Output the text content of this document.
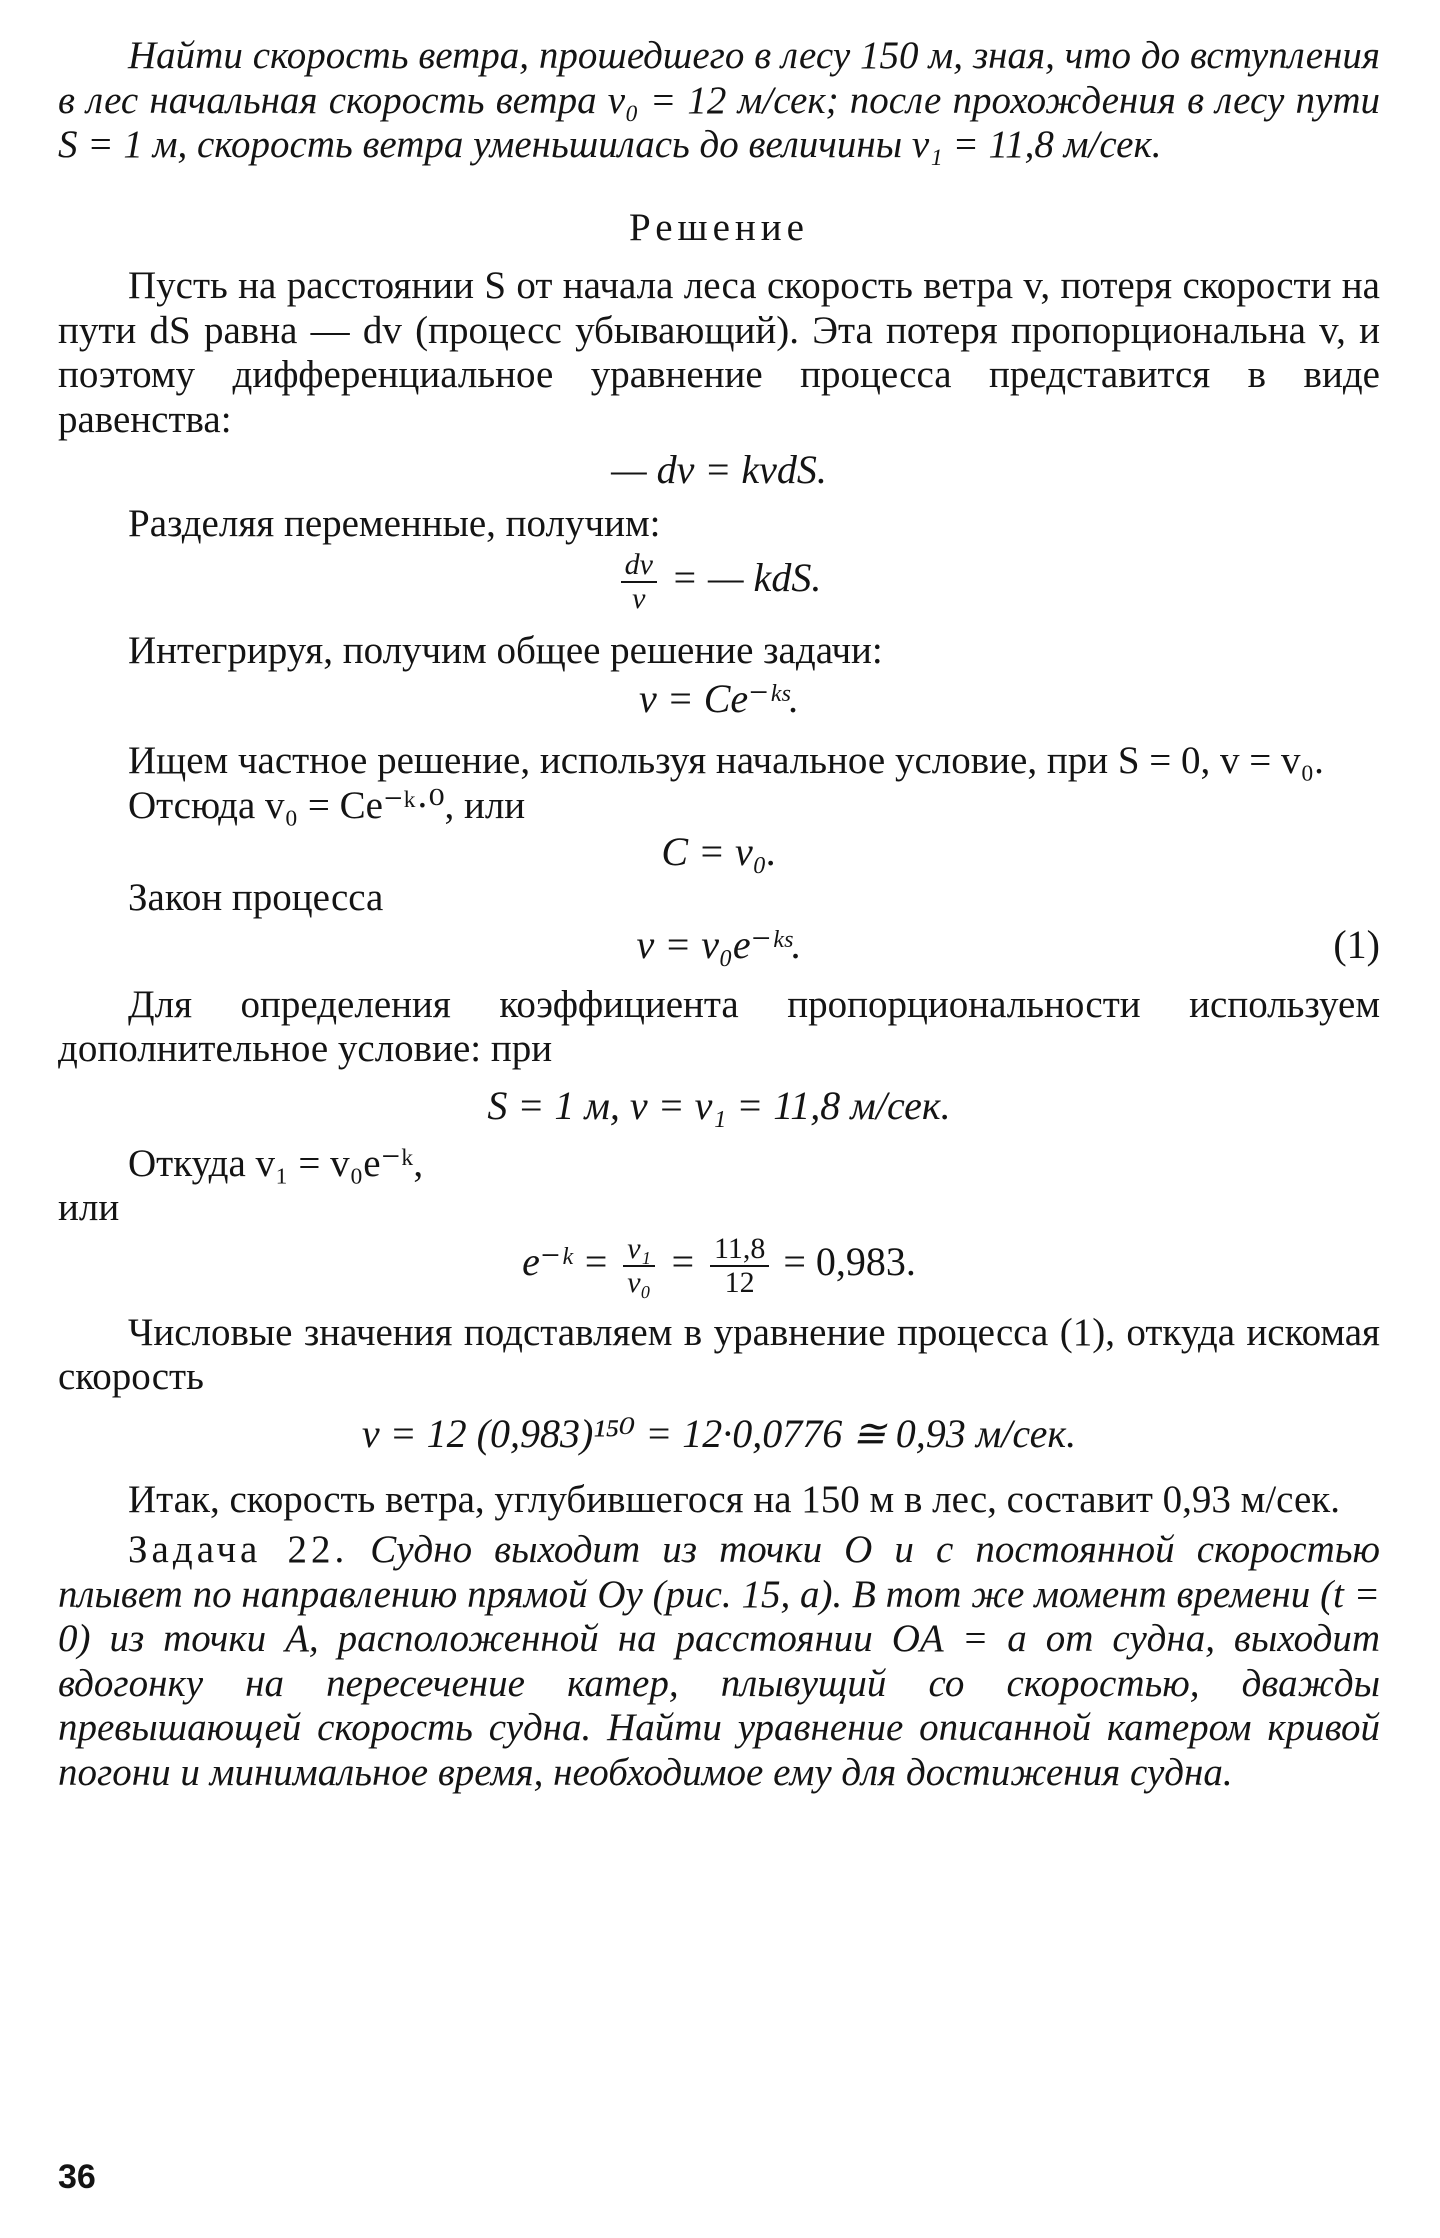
Найти скорость ветра, прошедшего в лесу 150 м, зная, что до вступления в лес начальная скорость ветра v₀ = 12 м/сек; после прохождения в лесу пути S = 1 м, скорость ветра уменьшилась до величины v₁ = 11,8 м/сек.

Решение

Пусть на расстоянии S от начала леса скорость ветра v, потеря скорости на пути dS равна — dv (процесс убывающий). Эта потеря пропорциональна v, и поэтому дифференциальное уравнение процесса представится в виде равенства:

— dv = kvdS.

Разделяя переменные, получим:

$\frac{dv}{v}$ = — kdS.

Интегрируя, получим общее решение задачи:

v = Ce⁻ᵏˢ.

Ищем частное решение, используя начальное условие, при S = 0, v = v₀.

Отсюда v₀ = Ce⁻ᵏ·⁰, или

C = v₀.

Закон процесса

v = v₀e⁻ᵏˢ.	(1)

Для определения коэффициента пропорциональности используем дополнительное условие: при

S = 1 м, v = v₁ = 11,8 м/сек.

Откуда v₁ = v₀e⁻ᵏ,

или

e⁻ᵏ = $\frac{\text{v₁}}{\text{v₀}} = \frac{11,8}{12} = 0,983$.

Числовые значения подставляем в уравнение процесса (1), откуда искомая скорость

v = 12 (0,983)¹⁵⁰ = 12·0,0776 ≅ 0,93 м/сек.

Итак, скорость ветра, углубившегося на 150 м в лес, составит 0,93 м/сек.

Задача 22. Судно выходит из точки O и с постоянной скоростью плывет по направлению прямой Oy (рис. 15, a). В тот же момент времени (t = 0) из точки A, расположенной на расстоянии OA = a от судна, выходит вдогонку на пересечение катер, плывущий со скоростью, дважды превышающей скорость судна. Найти уравнение описанной катером кривой погони и минимальное время, необходимое ему для достижения судна.

36
